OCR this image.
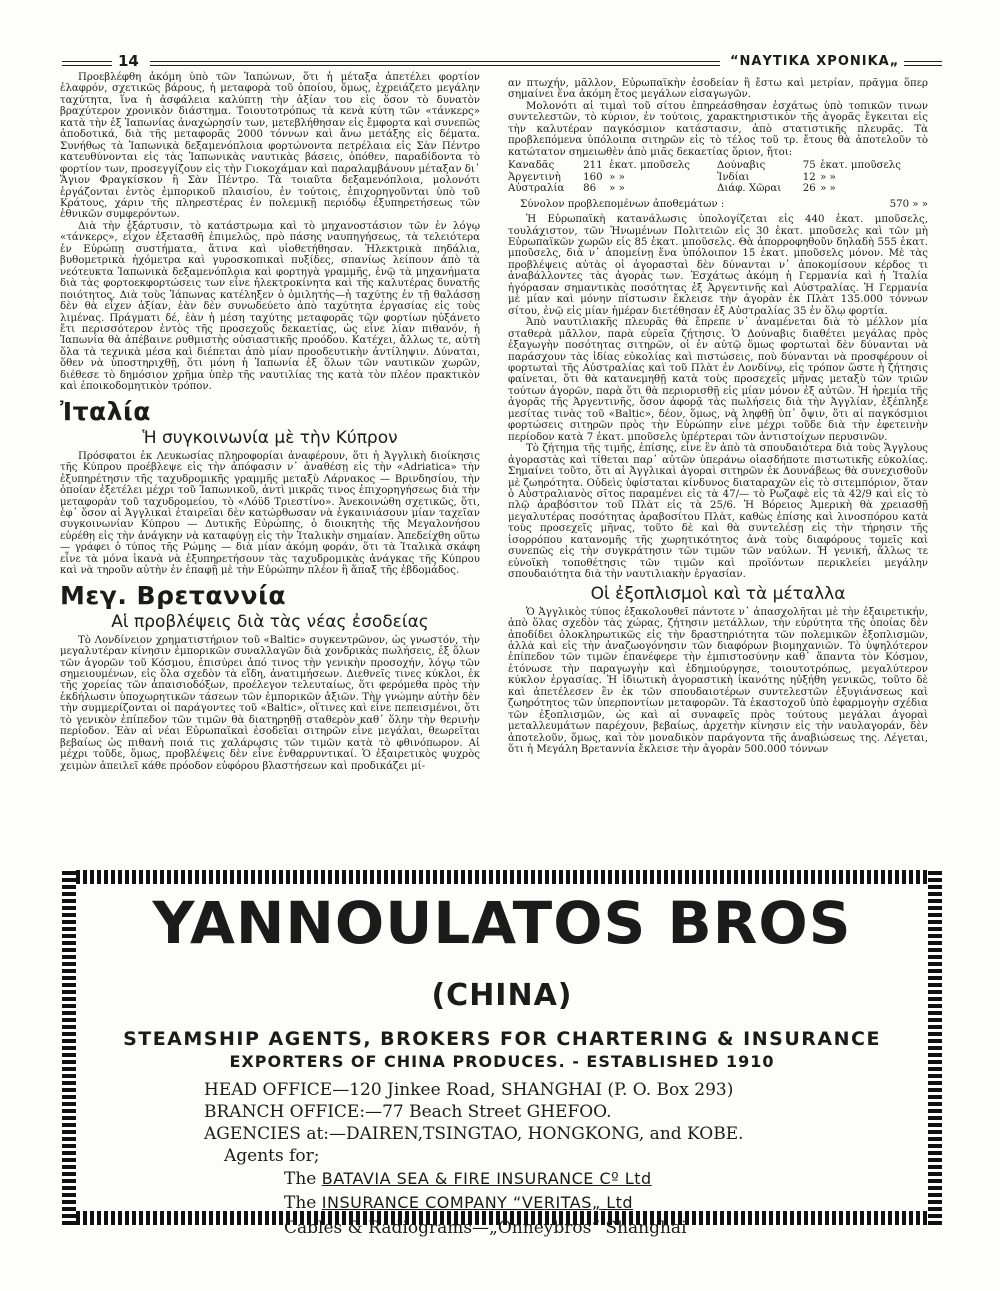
14	“ΝΑΥΤΙΚΑ ΧΡΟΝΙΚΑ„

Προεβλέφθη ἀκόμη ὑπὸ τῶν Ἰαπώνων, ὅτι ἡ μέταξα ἀπετέλει φορτίον ἐλαφρόν, σχετικῶς βάρους, ἡ μεταφορὰ τοῦ ὁποίου, ὅμως, ἐχρειάζετο μεγάλην ταχύτητα, ἵνα ἡ ἀσφάλεια καλύπτῃ τὴν ἀξίαν του εἰς ὅσον τὸ δυνατὸν βραχύτερον χρονικὸν διάστημα. Τοιουτοτρόπως τὰ κενὰ κύτη τῶν «τάνκερς» κατὰ τὴν ἐξ Ἰαπωνίας ἀναχώρησίν των, μετεβλήθησαν εἰς ἔμφορτα καὶ συνεπῶς ἀποδοτικά, διὰ τῆς μεταφορᾶς 2000 τόννων καὶ ἄνω μετάξης εἰς δέματα. Συνήθως τὰ Ἰαπωνικὰ δεξαμενόπλοια φορτώνοντα πετρέλαια εἰς Σὰν Πέντρο κατευθύνονται εἰς τὰς Ἰαπωνικὰς ναυτικὰς βάσεις, ὁπόθεν, παραδίδοντα τὸ φορτίον των, προσεγγίζουν εἰς τὴν Γιοκοχάμαν καὶ παραλαμβάνουν μέταξαν δι᾽ Ἅγιον Φραγκίσκον ἢ Σὰν Πέντρο. Τὰ τοιαῦτα δεξαμενόπλοια, μολονότι ἐργάζονται ἐντὸς ἐμπορικοῦ πλαισίου, ἐν τούτοις, ἐπιχορηγοῦνται ὑπὸ τοῦ Κράτους, χάριν τῆς πληρεστέρας ἐν πολεμικῇ περιόδῳ ἐξυπηρετήσεως τῶν ἐθνικῶν συμφερόντων.

Διὰ τὴν ἐξάρτυσιν, τὸ κατάστρωμα καὶ τὸ μηχανοστάσιον τῶν ἐν λόγῳ «τάνκερς», εἶχον ἐξετασθῆ ἐπιμελῶς, πρὸ πάσης ναυπηγήσεως, τὰ τελειότερα ἐν Εὐρώπῃ συστήματα, ἅτινα καὶ υἱοθετήθησαν. Ἠλεκτρικὰ πηδάλια, βυθομετρικὰ ἠχόμετρα καὶ γυροσκοπικαὶ πυξίδες, σπανίως λείπουν ἀπὸ τὰ νεότευκτα Ἰαπωνικὰ δεξαμενόπλοια καὶ φορτηγὰ γραμμῆς, ἐνῷ τὰ μηχανήματα διὰ τὰς φορτοεκφορτώσεις των εἶνε ἠλεκτροκίνητα καὶ τῆς καλυτέρας δυνατῆς ποιότητος. Διὰ τοὺς Ἰάπωνας κατέληξεν ὁ ὁμιλητής—ἡ ταχύτης ἐν τῇ θαλάσσῃ δὲν θὰ εἶχεν ἀξίαν, ἐὰν δὲν συνωδεύετο ἀπὸ ταχύτητα ἐργασίας εἰς τοὺς λιμένας. Πράγματι δέ, ἐὰν ἡ μέση ταχύτης μεταφορᾶς τῶν φορτίων ηὐξάνετο ἔτι περισσότερον ἐντὸς τῆς προσεχοῦς δεκαετίας, ὡς εἶνε λίαν πιθανόν, ἡ Ἰαπωνία θὰ ἀπέβαινε ρυθμιστὴς οὐσιαστικῆς προόδου. Κατέχει, ἄλλως τε, αὐτὴ ὅλα τὰ τεχνικὰ μέσα καὶ διέπεται ἀπὸ μίαν προοδευτικὴν ἀντίληψιν. Δύναται, ὅθεν νὰ ὑποστηριχθῇ, ὅτι μόνη ἡ Ἰαπωνία ἐξ ὅλων τῶν ναυτικῶν χωρῶν, διέθεσε τὸ δημόσιον χρῆμα ὑπὲρ τῆς ναυτιλίας της κατὰ τὸν πλέον πρακτικὸν καὶ ἐποικοδομητικὸν τρόπον.

Ἰταλία
Ἡ συγκοινωνία μὲ τὴν Κύπρον

Πρόσφατοι ἐκ Λευκωσίας πληροφορίαι ἀναφέρουν, ὅτι ἡ Ἀγγλικὴ διοίκησις τῆς Κύπρου προέβλεψε εἰς τὴν ἀπόφασιν ν᾽ ἀναθέσῃ εἰς τὴν «Adriatica» τὴν ἐξυπηρέτησιν τῆς ταχυδρομικῆς γραμμῆς μεταξὺ Λάρνακος — Βρινδησίου, τὴν ὁποίαν ἐξετέλει μέχρι τοῦ Ἰαπωνικοῦ, ἀντὶ μικρᾶς τινος ἐπιχορηγήσεως διὰ τὴν μεταφορὰν τοῦ ταχυδρομείου, τὸ «Λόϋδ Τριεστίνο». Ἀνεκοινώθη σχετικῶς, ὅτι, ἐφ᾽ ὅσον αἱ Ἀγγλικαὶ ἐταιρεῖαι δὲν κατώρθωσαν νὰ ἐγκαινιάσουν μίαν ταχεῖαν συγκοινωνίαν Κύπρου — Δυτικῆς Εὐρώπης, ὁ διοικητὴς τῆς Μεγαλονήσου εὑρέθη εἰς τὴν ἀνάγκην νὰ καταφύγῃ εἰς τὴν Ἰταλικὴν σημαίαν. Ἀπεδείχθη οὕτω — γράφει ὁ τύπος τῆς Ρώμης — διὰ μίαν ἀκόμη φοράν, ὅτι τὰ Ἰταλικὰ σκάφη εἶνε τὰ μόνα ἱκανὰ νὰ ἐξυπηρετήσουν τὰς ταχυδρομικὰς ἀνάγκας τῆς Κύπρου καὶ νὰ τηροῦν αὐτὴν ἐν ἐπαφῇ μὲ τὴν Εὐρώπην πλέον ἢ ἅπαξ τῆς ἑβδομάδος.

Μεγ. Βρεταννία
Αἱ προβλέψεις διὰ τὰς νέας ἐσοδείας

Τὸ Λονδίνειον χρηματιστήριον τοῦ «Baltic» συγκεντρῶνον, ὡς γνωστόν, τὴν μεγαλυτέραν κίνησιν ἐμπορικῶν συναλλαγῶν διὰ χονδρικὰς πωλήσεις, ἐξ ὅλων τῶν ἀγορῶν τοῦ Κόσμου, ἐπισύρει ἀπό τινος τὴν γενικὴν προσοχήν, λόγῳ τῶν σημειουμένων, εἰς ὅλα σχεδὸν τὰ εἴδη, ἀνατιμήσεων. Διεθνεῖς τινες κύκλοι, ἐκ τῆς χορείας τῶν ἀπαισιοδόξων, προέλεγον τελευταίως, ὅτι φερόμεθα πρὸς τὴν ἐκδήλωσιν ὑποχωρητικῶν τάσεων τῶν ἐμπορικῶν ἀξιῶν. Τὴν γνώμην αὐτὴν δὲν τὴν συμμερίζονται οἱ παράγοντες τοῦ «Baltic», οἵτινες καὶ εἶνε πεπεισμένοι, ὅτι τὸ γενικὸν ἐπίπεδον τῶν τιμῶν θὰ διατηρηθῇ σταθερὸν καθ᾽ ὅλην τὴν θερινὴν περίοδον. Ἐὰν αἱ νέαι Εὐρωπαϊκαὶ ἐσοδεῖαι σιτηρῶν εἶνε μεγάλαι, θεωρεῖται βεβαίως ὡς πιθανὴ ποιά τις χαλάρωσις τῶν τιμῶν κατὰ τὸ φθινόπωρον. Αἱ μέχρι τοῦδε, ὅμως, προβλέψεις δὲν εἶνε ἐνθαρρυντικαί. Ὁ ἐξαιρετικὸς ψυχρὸς χειμὼν ἀπειλεῖ κάθε πρόοδον εὐφόρου βλαστήσεων καὶ προδικάζει μί-

αν πτωχήν, μᾶλλον, Εὐρωπαϊκὴν ἐσοδείαν ἢ ἔστω καὶ μετρίαν, πρᾶγμα ὅπερ σημαίνει ἕνα ἀκόμη ἔτος μεγάλων εἰσαγωγῶν.

Μολονότι αἱ τιμαὶ τοῦ σίτου ἐπηρεάσθησαν ἐσχάτως ὑπὸ τοπικῶν τινων συντελεστῶν, τὸ κύριον, ἐν τούτοις, χαρακτηριστικὸν τῆς ἀγορᾶς ἔγκειται εἰς τὴν καλυτέραν παγκόσμιον κατάστασιν, ἀπὸ στατιστικῆς πλευρᾶς. Τὰ προβλεπόμενα ὑπόλοιπα σιτηρῶν εἰς τὸ τέλος τοῦ τρ. ἔτους θὰ ἀποτελοῦν τὸ κατώτατον σημειωθὲν ἀπὸ μιᾶς δεκαετίας ὅριον, ἤτοι:

Καναδᾶς	211	ἑκατ. μποῦσελς	Δούναβις	75	ἑκατ. μποῦσελς
Ἀργεντινὴ	160	» »	Ἰνδίαι	12	» »
Αὐστραλία	86	» »	Διάφ. Χῶραι	26	» »
Σύνολον προβλεπομένων ἀποθεμάτων :	570 » »

Ἡ Εὐρωπαϊκὴ κατανάλωσις ὑπολογίζεται εἰς 440 ἑκατ. μποῦσελς, τουλάχιστον, τῶν Ἡνωμένων Πολιτειῶν εἰς 30 ἑκατ. μποῦσελς καὶ τῶν μὴ Εὐρωπαϊκῶν χωρῶν εἰς 85 ἑκατ. μποῦσελς. Θὰ ἀπορροφηθοῦν δηλαδὴ 555 ἑκατ. μποῦσελς, διὰ ν᾽ ἀπομείνῃ ἕνα ὑπόλοιπον 15 ἑκατ. μποῦσελς μόνον. Μὲ τὰς προβλέψεις αὐτὰς οἱ ἀγορασταὶ δὲν δύνανται ν᾽ ἀποκομίσουν κέρδος τι ἀναβάλλοντες τὰς ἀγορὰς των. Ἐσχάτως ἀκόμη ἡ Γερμανία καὶ ἡ Ἰταλία ἠγόρασαν σημαντικὰς ποσότητας ἐξ Ἀργεντινῆς καὶ Αὐστραλίας. Ἡ Γερμανία μὲ μίαν καὶ μόνην πίστωσιν ἔκλεισε τὴν ἀγορὰν ἐκ Πλὰτ 135.000 τόννων σίτου, ἐνῷ εἰς μίαν ἡμέραν διετέθησαν ἐξ Αὐστραλίας 35 ἐν ὅλῳ φορτία.

Ἀπὸ ναυτιλιακῆς πλευρᾶς θὰ ἔπρεπε ν᾽ ἀναμένεται διὰ τὸ μέλλον μία σταθερὰ μᾶλλον, παρὰ εὐρεῖα ζήτησις. Ὁ Δούναβις διαθέτει μεγάλας πρὸς ἐξαγωγὴν ποσότητας σιτηρῶν, οἱ ἐν αὐτῷ ὅμως φορτωταὶ δὲν δύνανται νὰ παράσχουν τὰς ἰδίας εὐκολίας καὶ πιστώσεις, ποὺ δύνανται νὰ προσφέρουν οἱ φορτωταὶ τῆς Αὐστραλίας καὶ τοῦ Πλὰτ ἐν Λονδίνῳ, εἰς τρόπον ὥστε ἡ ζήτησις φαίνεται, ὅτι θὰ κατανεμηθῇ κατὰ τοὺς προσεχεῖς μῆνας μεταξὺ τῶν τριῶν τούτων ἀγορῶν, παρὰ ὅτι θὰ περιορισθῇ εἰς μίαν μόνον ἐξ αὐτῶν. Ἡ ἠρεμία τῆς ἀγορᾶς τῆς Ἀργεντινῆς, ὅσον ἀφορᾷ τὰς πωλήσεις διὰ τὴν Ἀγγλίαν, ἐξέπληξε μεσίτας τινὰς τοῦ «Baltic», δέον, ὅμως, νὰ ληφθῇ ὑπ᾽ ὄψιν, ὅτι αἱ παγκόσμιοι φορτώσεις σιτηρῶν πρὸς τὴν Εὐρώπην εἶνε μέχρι τοῦδε διὰ τὴν ἐφετεινὴν περίοδον κατὰ 7 ἑκατ. μποῦσελς ὑπέρτεραι τῶν ἀντιστοίχων περυσινῶν.

Τὸ ζήτημα τῆς τιμῆς, ἐπίσης, εἶνε ἓν ἀπὸ τὰ σπουδαιότερα διὰ τοὺς Ἄγγλους ἀγοραστὰς καὶ τίθεται παρ᾽ αὐτῶν ὑπεράνω οἱασδήποτε πιστωτικῆς εὐκολίας. Σημαίνει τοῦτο, ὅτι αἱ Ἀγγλικαὶ ἀγοραὶ σιτηρῶν ἐκ Δουνάβεως θὰ συνεχισθοῦν μὲ ζωηρότητα. Οὐδεὶς ὑφίσταται κίνδυνος διαταραχῶν εἰς τὸ σιτεμπόριον, ὅταν ὁ Αὐστραλιανὸς σῖτος παραμένει εἰς τὰ 47/— τὸ Ρωζαφὲ εἰς τὰ 42/9 καὶ εἰς τὸ πλῷ ἀραβόσιτον τοῦ Πλὰτ εἰς τὰ 25/6. Ἡ Βόρειος Ἀμερικὴ θὰ χρειασθῇ μεγαλυτέρας ποσότητας ἀραβοσίτου Πλὰτ, καθὼς ἐπίσης καὶ λινοσπόρου κατὰ τοὺς προσεχεῖς μῆνας, τοῦτο δὲ καὶ θὰ συντελέσῃ εἰς τὴν τήρησιν τῆς ἰσορρόπου κατανομῆς τῆς χωρητικότητος ἀνὰ τοὺς διαφόρους τομεῖς καὶ συνεπῶς εἰς τὴν συγκράτησιν τῶν τιμῶν τῶν ναύλων. Ἡ γενική, ἄλλως τε εὐνοϊκὴ τοποθέτησις τῶν τιμῶν καὶ προϊόντων περικλείει μεγάλην σπουδαιότητα διὰ τὴν ναυτιλιακὴν ἐργασίαν.

Οἱ ἐξοπλισμοὶ καὶ τὰ μέταλλα

Ὁ Ἀγγλικὸς τύπος ἐξακολουθεῖ πάντοτε ν᾽ ἀπασχολῆται μὲ τὴν ἐξαιρετικήν, ἀπὸ ὅλας σχεδὸν τὰς χώρας, ζήτησιν μετάλλων, τὴν εὐρύτητα τῆς ὁποίας δὲν ἀποδίδει ὁλοκληρωτικῶς εἰς τὴν δραστηριότητα τῶν πολεμικῶν ἐξοπλισμῶν, ἀλλὰ καὶ εἰς τὴν ἀναζωογόνησιν τῶν διαφόρων βιομηχανιῶν. Τὸ ὑψηλότερον ἐπίπεδον τῶν τιμῶν ἐπανέφερε τὴν ἐμπιστοσύνην καθ᾽ ἅπαντα τὸν Κόσμον, ἐτόνωσε τὴν παραγωγὴν καὶ ἐδημιούργησε, τοιουτοτρόπως, μεγαλύτερον κύκλον ἐργασίας. Ἡ ἰδιωτικὴ ἀγοραστικὴ ἱκανότης ηὐξήθη γενικῶς, τοῦτο δὲ καὶ ἀπετέλεσεν ἓν ἐκ τῶν σπουδαιοτέρων συντελεστῶν ἐξυγιάνσεως καὶ ζωηρότητος τῶν ὑπερποντίων μεταφορῶν. Τὰ ἐκαστοχοῦ ὑπὸ ἐφαρμογὴν σχέδια τῶν ἐξοπλισμῶν, ὡς καὶ αἱ συναφεῖς πρὸς τούτους μεγάλαι ἀγοραὶ μεταλλευμάτων παρέχουν, βεβαίως, ἀρχετὴν κίνησιν εἰς τὴν ναυλαγοράν, δὲν ἀποτελοῦν, ὅμως, καὶ τὸν μοναδικὸν παράγοντα τῆς ἀναβιώσεως της. Λέγεται, ὅτι ἡ Μεγάλη Βρεταννία ἔκλεισε τὴν ἀγορὰν 500.000 τόννων

YANNOULATOS BROS (CHINA)
STEAMSHIP AGENTS, BROKERS FOR CHARTERING & INSURANCE
EXPORTERS OF CHINA PRODUCES. - ESTABLISHED 1910
HEAD OFFICE—120 Jinkee Road, SHANGHAI (P. O. Box 293)
BRANCH OFFICE:—77 Beach Street GHEFOO.
AGENCIES at:—DAIREN,TSINGTAO, HONGKONG, and KOBE.
Agents for;
The BATAVIA SEA & FIRE INSURANCE Cº Ltd
The INSURANCE COMPANY “VERITAS„ Ltd
Cables & Radiograms—„Onneybros“ Shanghai
